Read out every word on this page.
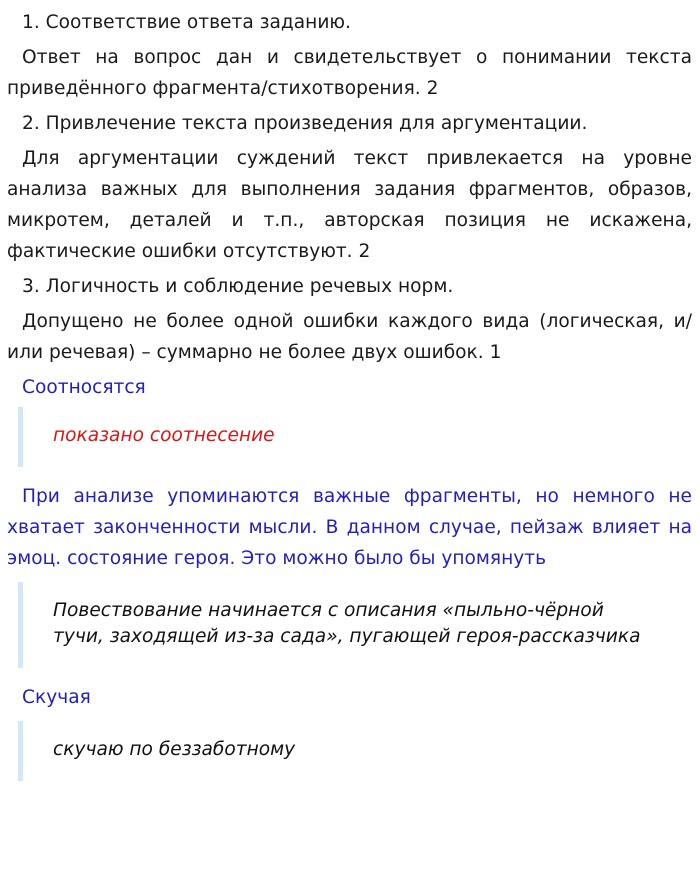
1. Соответствие ответа заданию.

Ответ на вопрос дан и свидетельствует о понимании текста приведённого фрагмента/стихотворения. 2

2. Привлечение текста произведения для аргументации.

Для аргументации суждений текст привлекается на уровне анализа важных для выполнения задания фрагментов, образов, микротем, деталей и т.п., авторская позиция не искажена, фактические ошибки отсутствуют. 2

3. Логичность и соблюдение речевых норм.

Допущено не более одной ошибки каждого вида (логическая, и/или речевая) – суммарно не более двух ошибок. 1

Соотносятся

показано соотнесение

При анализе упоминаются важные фрагменты, но немного не хватает законченности мысли. В данном случае, пейзаж влияет на эмоц. состояние героя. Это можно было бы упомянуть

Повествование начинается с описания «пыльно-чёрной тучи, заходящей из-за сада», пугающей героя-рассказчика

Скучая

скучаю по беззаботному
